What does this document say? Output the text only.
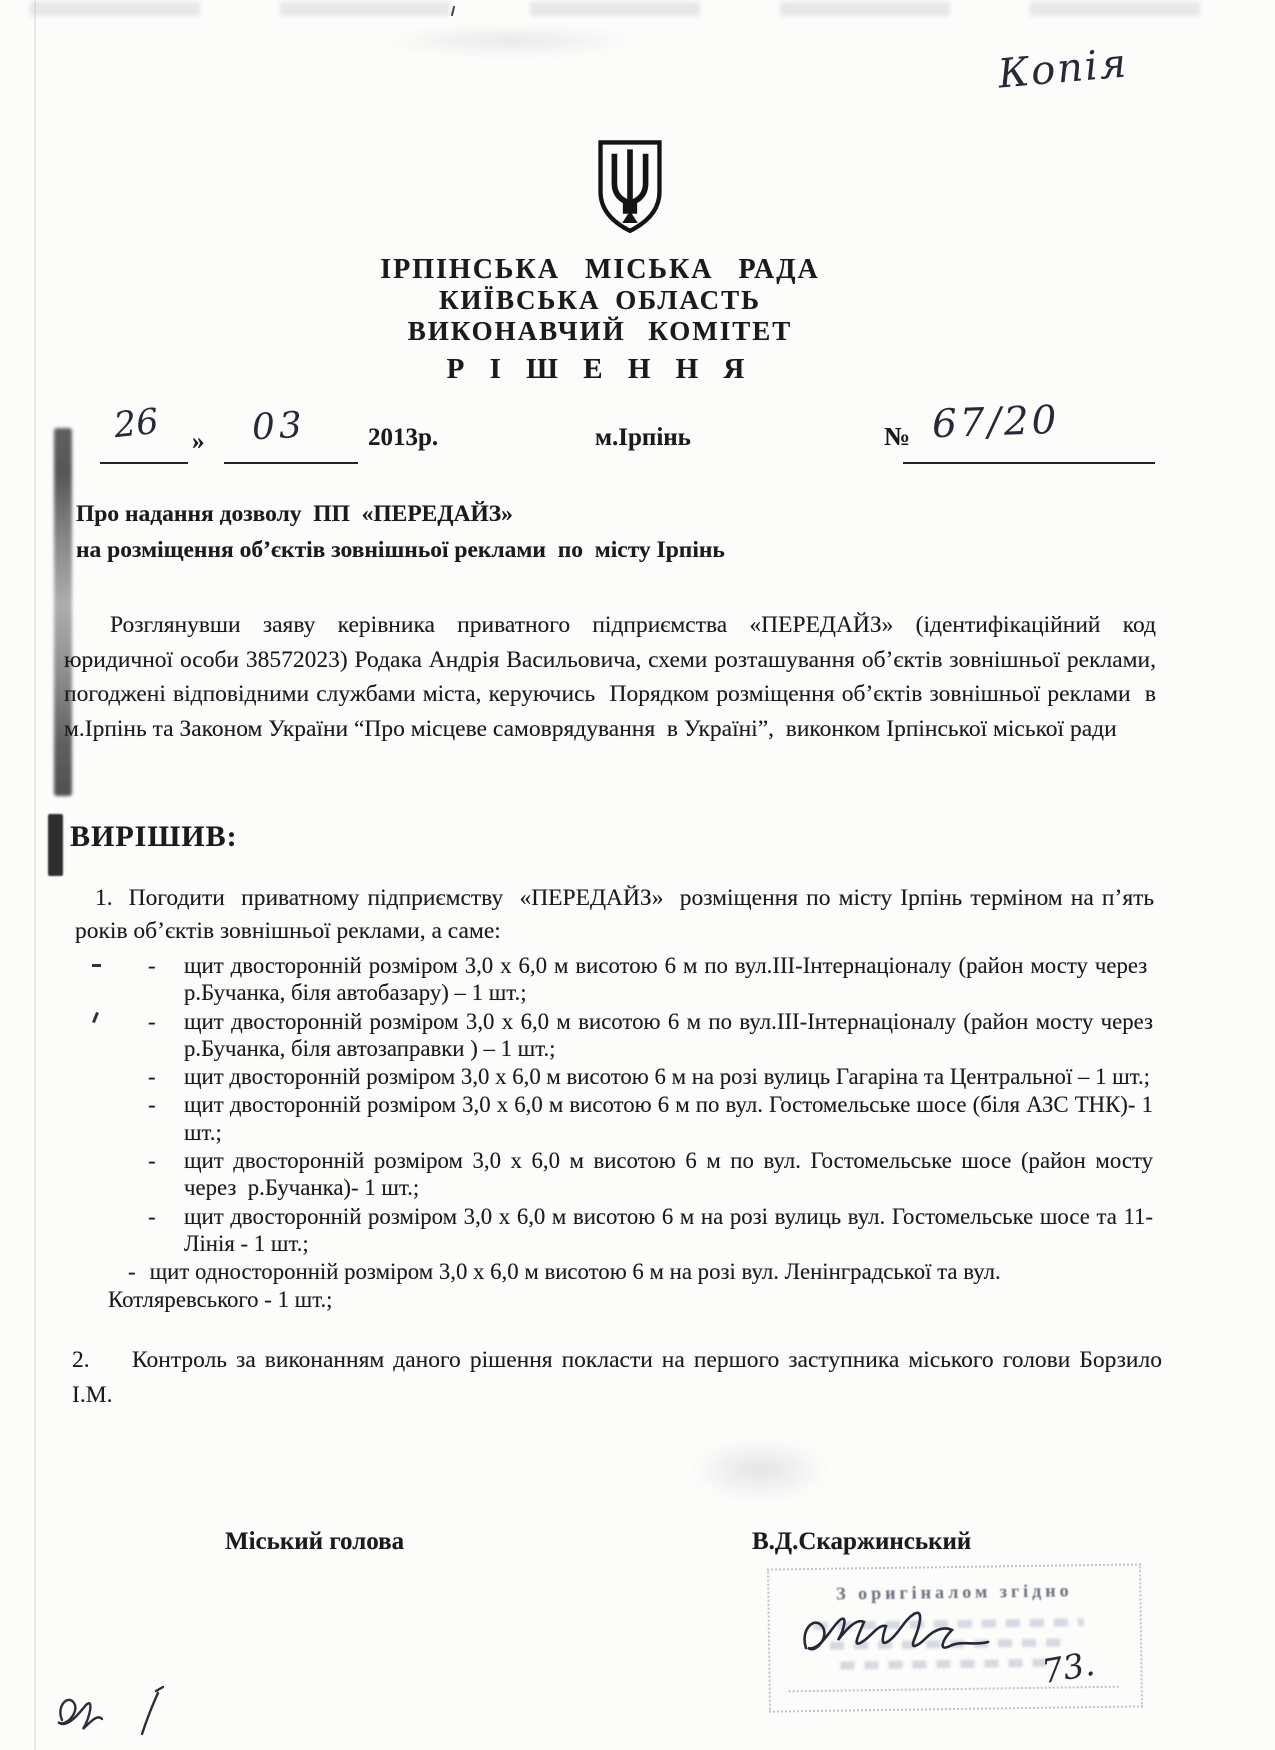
Копія
ІРПІНСЬКА МІСЬКА РАДА
КИЇВСЬКА ОБЛАСТЬ
ВИКОНАВЧИЙ КОМІТЕТ
Р І Ш Е Н Н Я
26 » 03 2013р.	м.Ірпінь	№ 67/20
Про надання дозволу  ПП  «ПЕРЕДАЙЗ»
на розміщення об’єктів зовнішньої реклами  по  місту Ірпінь
Розглянувши заяву керівника приватного підприємства «ПЕРЕДАЙЗ» (ідентифікаційний код юридичної особи 38572023) Родака Андрія Васильовича, схеми розташування об’єктів зовнішньої реклами, погоджені відповідними службами міста, керуючись  Порядком розміщення об’єктів зовнішньої реклами  в м.Ірпінь та Законом України “Про місцеве самоврядування  в Україні”,  виконком Ірпінської міської ради
ВИРІШИВ:
1. Погодити  приватному підприємству  «ПЕРЕДАЙЗ»  розміщення по місту Ірпінь терміном на п’ять  років об’єктів зовнішньої реклами, а саме:
-	щит двосторонній розміром 3,0 х 6,0 м висотою 6 м по вул.ІІІ-Інтернаціоналу (район мосту через  р.Бучанка, біля автобазару) – 1 шт.;
-	щит двосторонній розміром 3,0 х 6,0 м висотою 6 м по вул.ІІІ-Інтернаціоналу (район мосту через р.Бучанка, біля автозаправки ) – 1 шт.;
-	щит двосторонній розміром 3,0 х 6,0 м висотою 6 м на розі вулиць Гагаріна та Центральної – 1 шт.;
-	щит двосторонній розміром 3,0 х 6,0 м висотою 6 м по вул. Гостомельське шосе (біля АЗС ТНК)- 1 шт.;
-	щит двосторонній розміром 3,0 х 6,0 м висотою 6 м по вул. Гостомельське шосе (район мосту через  р.Бучанка)- 1 шт.;
-	щит двосторонній розміром 3,0 х 6,0 м висотою 6 м на розі вулиць вул. Гостомельське шосе та 11-Лінія - 1 шт.;
- щит односторонній розміром 3,0 х 6,0 м висотою 6 м на розі вул. Ленінградської та вул. Котляревського - 1 шт.;
2. Контроль за виконанням даного рішення покласти на першого заступника міського голови Борзило І.М.
Міський голова	В.Д.Скаржинський
З оригіналом згідно
73.
